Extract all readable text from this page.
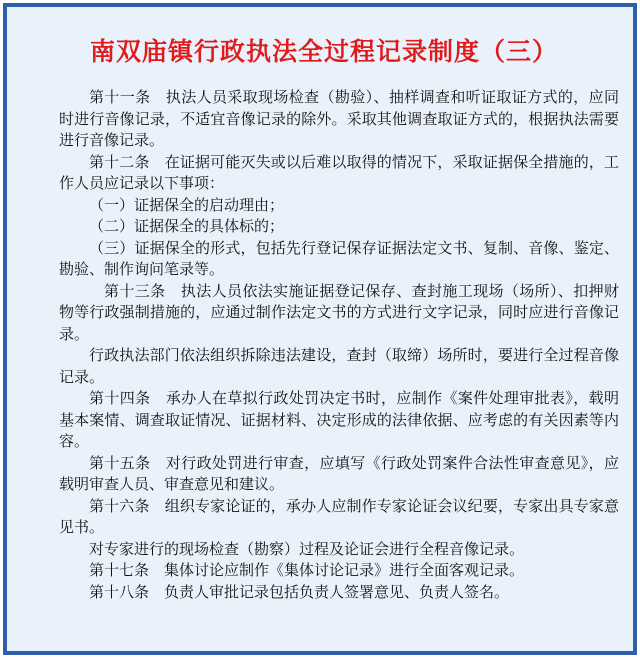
南双庙镇行政执法全过程记录制度（三）

第十一条　执法人员采取现场检查（勘验）、抽样调查和听证取证方式的，应同时进行音像记录，不适宜音像记录的除外。采取其他调查取证方式的，根据执法需要进行音像记录。

第十二条　在证据可能灭失或以后难以取得的情况下，采取证据保全措施的，工作人员应记录以下事项：

（一）证据保全的启动理由；

（二）证据保全的具体标的；

（三）证据保全的形式，包括先行登记保存证据法定文书、复制、音像、鉴定、勘验、制作询问笔录等。

第十三条　执法人员依法实施证据登记保存、查封施工现场（场所）、扣押财物等行政强制措施的，应通过制作法定文书的方式进行文字记录，同时应进行音像记录。

行政执法部门依法组织拆除违法建设，查封（取缔）场所时，要进行全过程音像记录。

第十四条　承办人在草拟行政处罚决定书时，应制作《案件处理审批表》，载明基本案情、调查取证情况、证据材料、决定形成的法律依据、应考虑的有关因素等内容。

第十五条　对行政处罚进行审查，应填写《行政处罚案件合法性审查意见》，应载明审查人员、审查意见和建议。

第十六条　组织专家论证的，承办人应制作专家论证会议纪要，专家出具专家意见书。

对专家进行的现场检查（勘察）过程及论证会进行全程音像记录。

第十七条　集体讨论应制作《集体讨论记录》进行全面客观记录。

第十八条　负责人审批记录包括负责人签署意见、负责人签名。
